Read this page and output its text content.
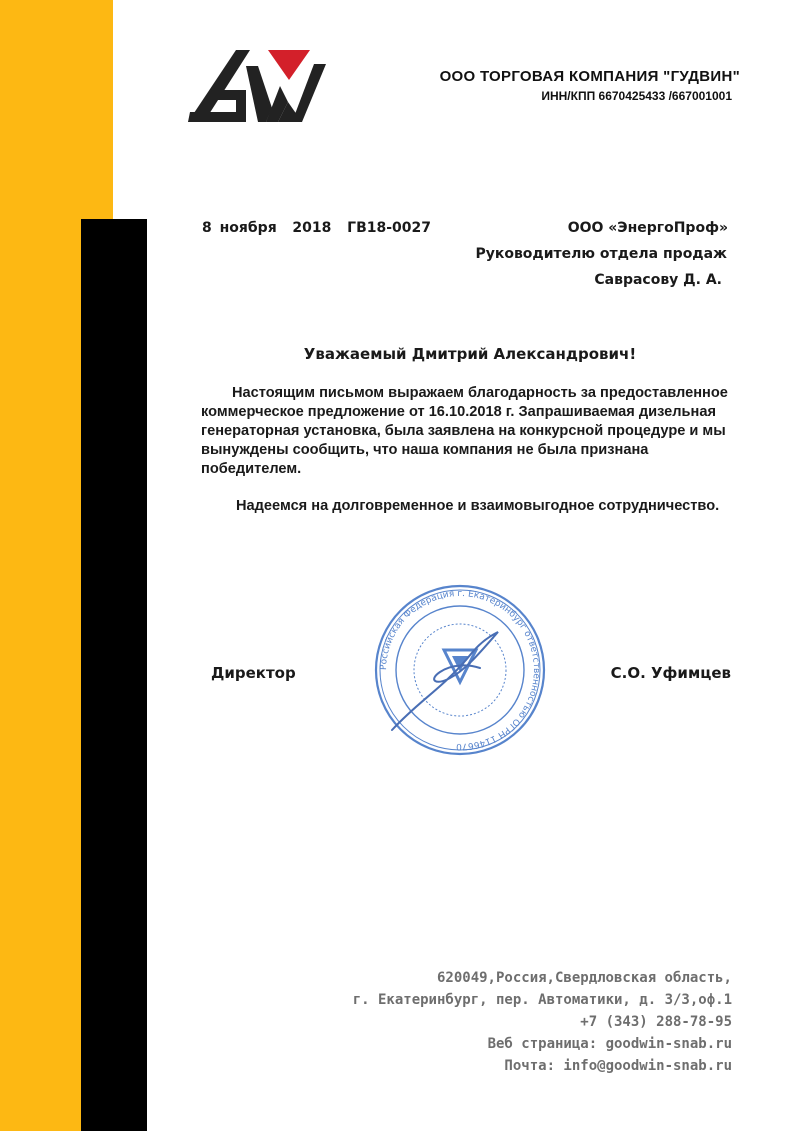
ООО ТОРГОВАЯ КОМПАНИЯ "ГУДВИН"
ИНН/КПП 6670425433 /667001001
8 ноября  2018  ГВ18-0027	ООО «ЭнергоПроф»
Руководителю отдела продаж
Саврасову Д. А.
Уважаемый Дмитрий Александрович!
Настоящим письмом выражаем благодарность за предоставленное коммерческое предложение от 16.10.2018 г. Запрашиваемая дизельная генераторная установка, была заявлена на конкурсной процедуре и мы вынуждены сообщить, что наша компания не была признана победителем.
Надеемся на долговременное и взаимовыгодное сотрудничество.
Российская Федерация г. Екатеринбург ответственностью ОГРН 1146670
Директор	С.О. Уфимцев
620049,Россия,Свердловская область,
г. Екатеринбург, пер. Автоматики, д. 3/3,оф.1
+7 (343) 288-78-95
Веб страница: goodwin-snab.ru
Почта: info@goodwin-snab.ru
